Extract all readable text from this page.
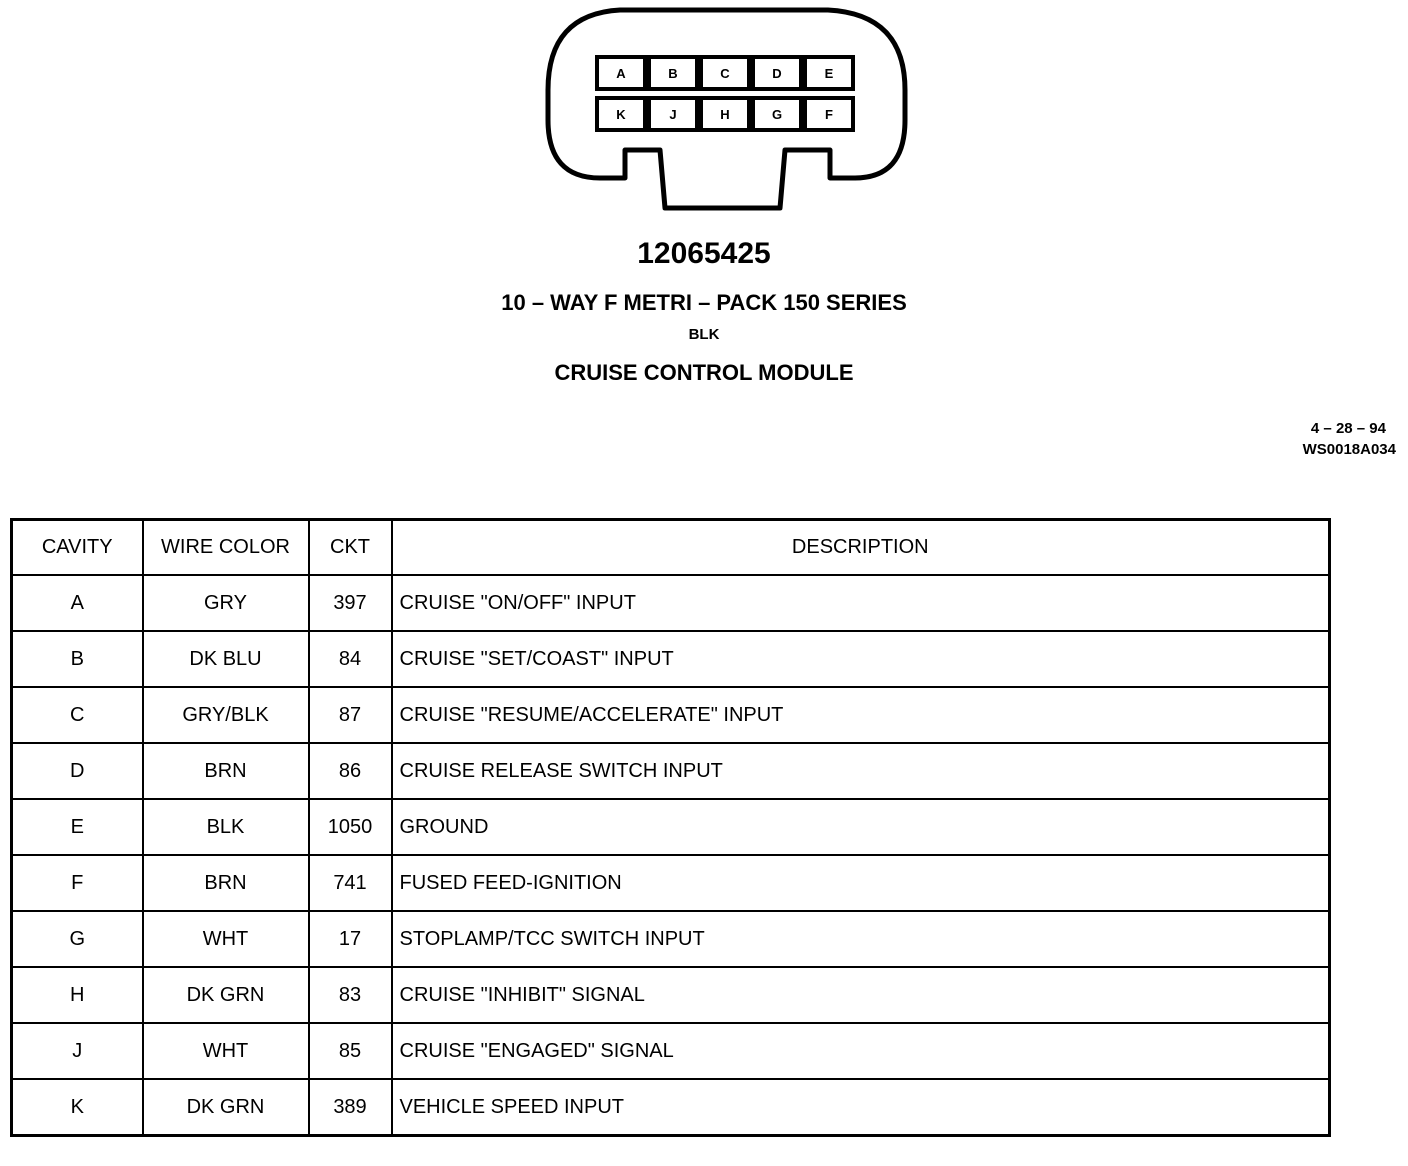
A	B	C	D	E
K	J	H	G	F
12065425
10 – WAY F METRI – PACK 150 SERIES
BLK
CRUISE CONTROL MODULE
4 – 28 – 94
WS0018A034
CAVITY	WIRE COLOR	CKT	DESCRIPTION
A	GRY	397	CRUISE "ON/OFF" INPUT
B	DK BLU	84	CRUISE "SET/COAST" INPUT
C	GRY/BLK	87	CRUISE "RESUME/ACCELERATE" INPUT
D	BRN	86	CRUISE RELEASE SWITCH INPUT
E	BLK	1050	GROUND
F	BRN	741	FUSED FEED-IGNITION
G	WHT	17	STOPLAMP/TCC SWITCH INPUT
H	DK GRN	83	CRUISE "INHIBIT" SIGNAL
J	WHT	85	CRUISE "ENGAGED" SIGNAL
K	DK GRN	389	VEHICLE SPEED INPUT
